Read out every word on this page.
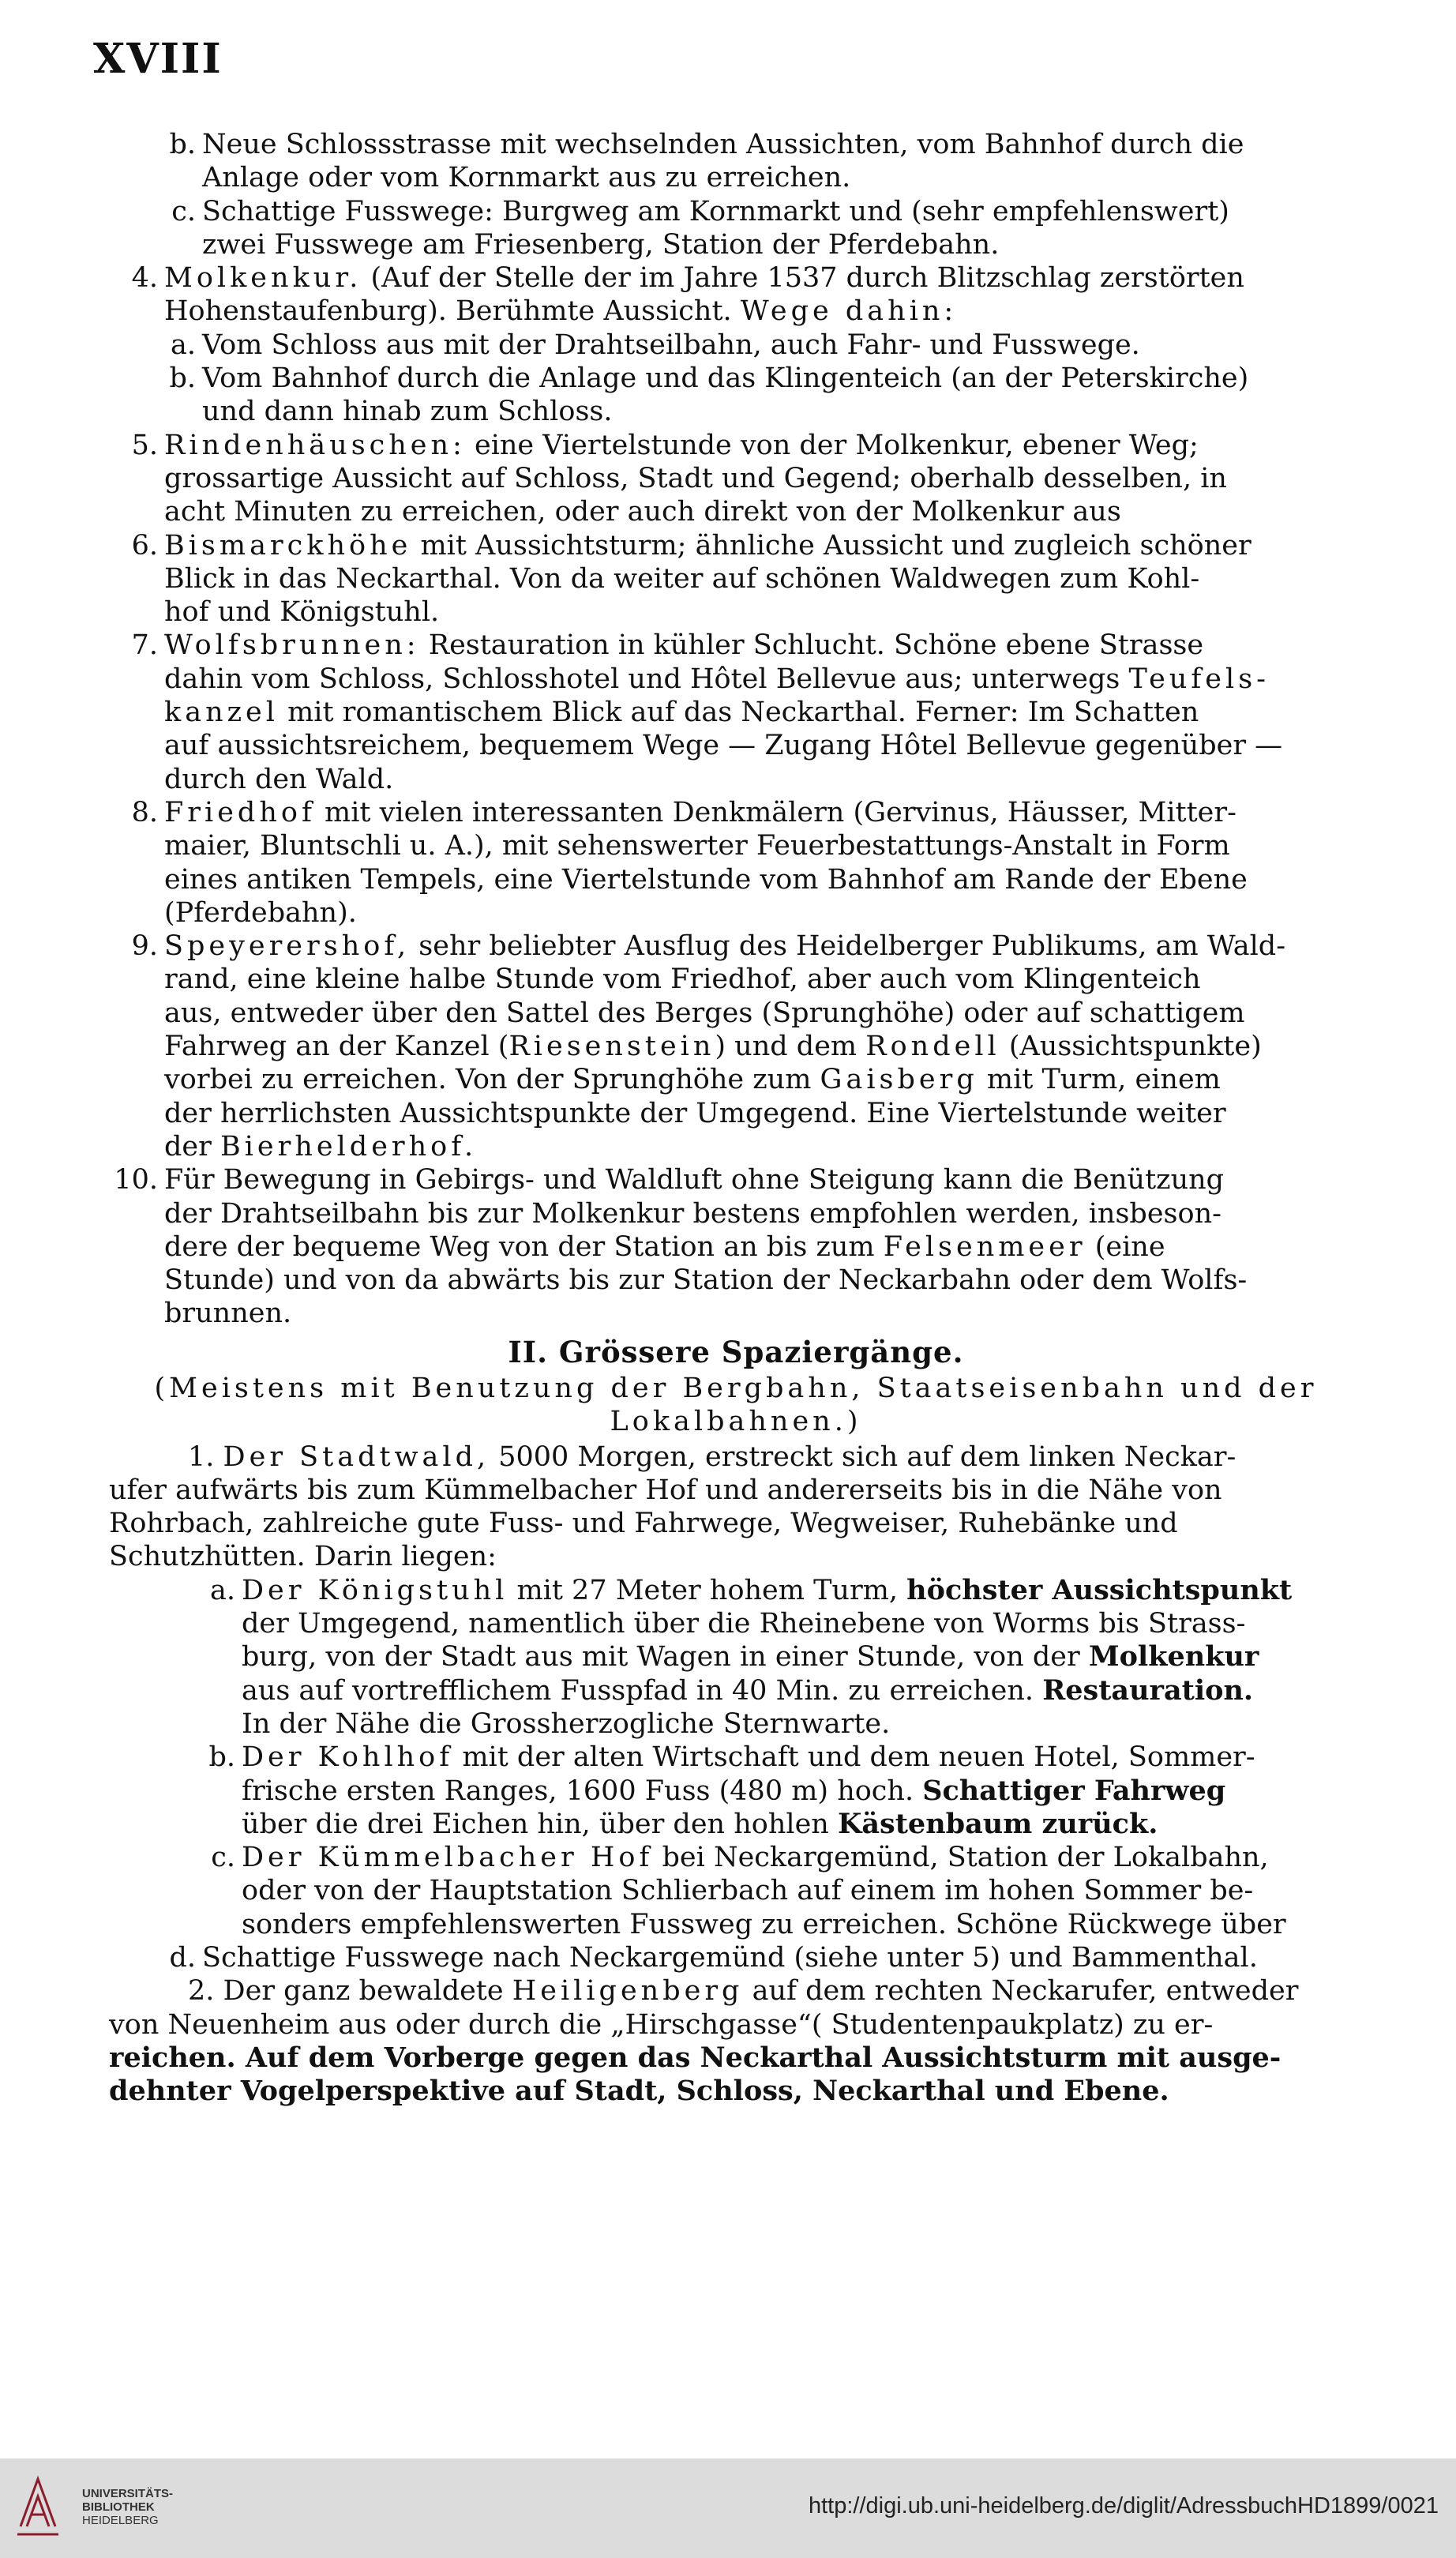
XVIII
b. Neue Schlossstrasse mit wechselnden Aussichten, vom Bahnhof durch die
Anlage oder vom Kornmarkt aus zu erreichen.
c. Schattige Fusswege: Burgweg am Kornmarkt und (sehr empfehlenswert)
zwei Fusswege am Friesenberg, Station der Pferdebahn.
4. Molkenkur. (Auf der Stelle der im Jahre 1537 durch Blitzschlag zerstörten
Hohenstaufenburg). Berühmte Aussicht. Wege dahin:
a. Vom Schloss aus mit der Drahtseilbahn, auch Fahr- und Fusswege.
b. Vom Bahnhof durch die Anlage und das Klingenteich (an der Peterskirche)
und dann hinab zum Schloss.
5. Rindenhäuschen: eine Viertelstunde von der Molkenkur, ebener Weg;
grossartige Aussicht auf Schloss, Stadt und Gegend; oberhalb desselben, in
acht Minuten zu erreichen, oder auch direkt von der Molkenkur aus
6. Bismarckhöhe mit Aussichtsturm; ähnliche Aussicht und zugleich schöner
Blick in das Neckarthal. Von da weiter auf schönen Waldwegen zum Kohl-
hof und Königstuhl.
7. Wolfsbrunnen: Restauration in kühler Schlucht. Schöne ebene Strasse
dahin vom Schloss, Schlosshotel und Hôtel Bellevue aus; unterwegs Teufels-
kanzel mit romantischem Blick auf das Neckarthal. Ferner: Im Schatten
auf aussichtsreichem, bequemem Wege — Zugang Hôtel Bellevue gegenüber —
durch den Wald.
8. Friedhof mit vielen interessanten Denkmälern (Gervinus, Häusser, Mitter-
maier, Bluntschli u. A.), mit sehenswerter Feuerbestattungs-Anstalt in Form
eines antiken Tempels, eine Viertelstunde vom Bahnhof am Rande der Ebene
(Pferdebahn).
9. Speyerershof, sehr beliebter Ausflug des Heidelberger Publikums, am Wald-
rand, eine kleine halbe Stunde vom Friedhof, aber auch vom Klingenteich
aus, entweder über den Sattel des Berges (Sprunghöhe) oder auf schattigem
Fahrweg an der Kanzel (Riesenstein) und dem Rondell (Aussichtspunkte)
vorbei zu erreichen. Von der Sprunghöhe zum Gaisberg mit Turm, einem
der herrlichsten Aussichtspunkte der Umgegend. Eine Viertelstunde weiter
der Bierhelderhof.
10. Für Bewegung in Gebirgs- und Waldluft ohne Steigung kann die Benützung
der Drahtseilbahn bis zur Molkenkur bestens empfohlen werden, insbeson-
dere der bequeme Weg von der Station an bis zum Felsenmeer (eine
Stunde) und von da abwärts bis zur Station der Neckarbahn oder dem Wolfs-
brunnen.
II. Grössere Spaziergänge.
(Meistens mit Benutzung der Bergbahn, Staatseisenbahn und der
Lokalbahnen.)
1. Der Stadtwald, 5000 Morgen, erstreckt sich auf dem linken Neckar-
ufer aufwärts bis zum Kümmelbacher Hof und andererseits bis in die Nähe von
Rohrbach, zahlreiche gute Fuss- und Fahrwege, Wegweiser, Ruhebänke und
Schutzhütten. Darin liegen:
a. Der Königstuhl mit 27 Meter hohem Turm, höchster Aussichtspunkt
der Umgegend, namentlich über die Rheinebene von Worms bis Strass-
burg, von der Stadt aus mit Wagen in einer Stunde, von der Molkenkur
aus auf vortrefflichem Fusspfad in 40 Min. zu erreichen. Restauration.
In der Nähe die Grossherzogliche Sternwarte.
b. Der Kohlhof mit der alten Wirtschaft und dem neuen Hotel, Sommer-
frische ersten Ranges, 1600 Fuss (480 m) hoch. Schattiger Fahrweg
über die drei Eichen hin, über den hohlen Kästenbaum zurück.
c. Der Kümmelbacher Hof bei Neckargemünd, Station der Lokalbahn,
oder von der Hauptstation Schlierbach auf einem im hohen Sommer be-
sonders empfehlenswerten Fussweg zu erreichen. Schöne Rückwege über
d. Schattige Fusswege nach Neckargemünd (siehe unter 5) und Bammenthal.
2. Der ganz bewaldete Heiligenberg auf dem rechten Neckarufer, entweder
von Neuenheim aus oder durch die „Hirschgasse“( Studentenpaukplatz) zu er-
reichen. Auf dem Vorberge gegen das Neckarthal Aussichtsturm mit ausge-
dehnter Vogelperspektive auf Stadt, Schloss, Neckarthal und Ebene.
UNIVERSITÄTS-
BIBLIOTHEK
HEIDELBERG
http://digi.ub.uni-heidelberg.de/diglit/AdressbuchHD1899/0021
